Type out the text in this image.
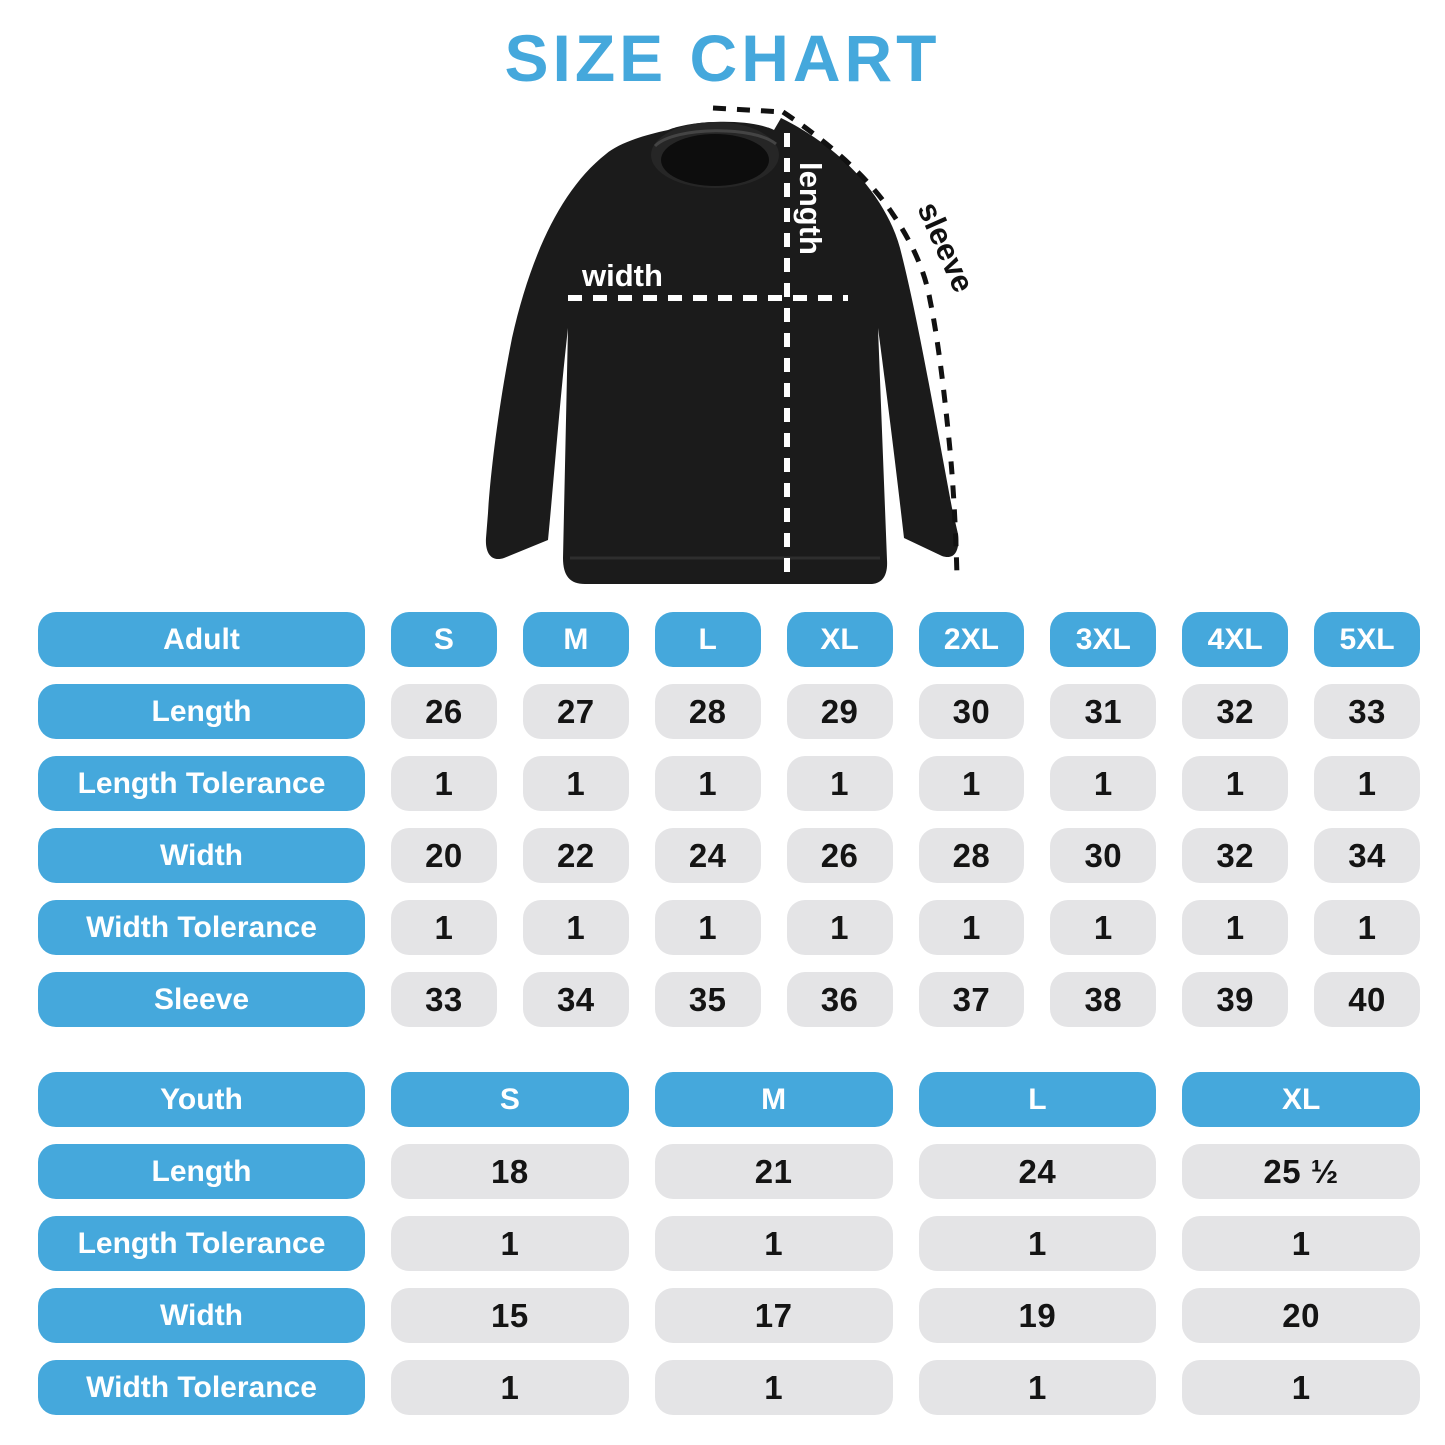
SIZE CHART
width
length	sleeve
Adult	S	M	L	XL	2XL	3XL	4XL	5XL
Length	26	27	28	29	30	31	32	33
Length Tolerance	1	1	1	1	1	1	1	1
Width	20	22	24	26	28	30	32	34
Width Tolerance	1	1	1	1	1	1	1	1
Sleeve	33	34	35	36	37	38	39	40
Youth	S	M	L	XL
Length	18	21	24	25 ½
Length Tolerance	1	1	1	1
Width	15	17	19	20
Width Tolerance	1	1	1	1
